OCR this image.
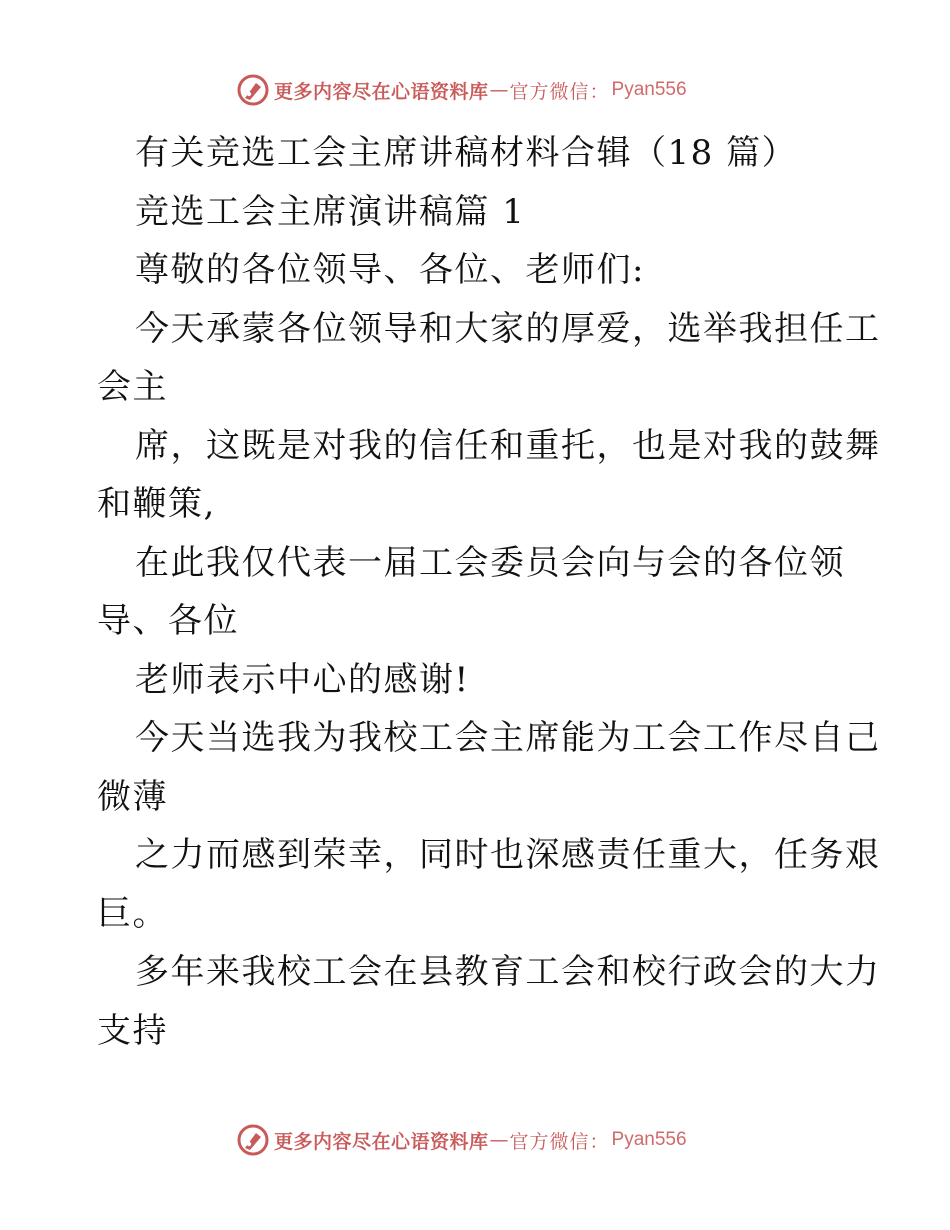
更多内容尽在心语资料库 — 官方微信： Pyan556
有关竞选工会主席讲稿材料合辑（18 篇）
竞选工会主席演讲稿篇 1
尊敬的各位领导、各位、老师们:
今天承蒙各位领导和大家的厚爱，选举我担任工
会主
席，这既是对我的信任和重托，也是对我的鼓舞
和鞭策,
在此我仅代表一届工会委员会向与会的各位领
导、各位
老师表示中心的感谢!
今天当选我为我校工会主席能为工会工作尽自己
微薄
之力而感到荣幸，同时也深感责任重大，任务艰
巨。
多年来我校工会在县教育工会和校行政会的大力
支持
更多内容尽在心语资料库 — 官方微信： Pyan556
